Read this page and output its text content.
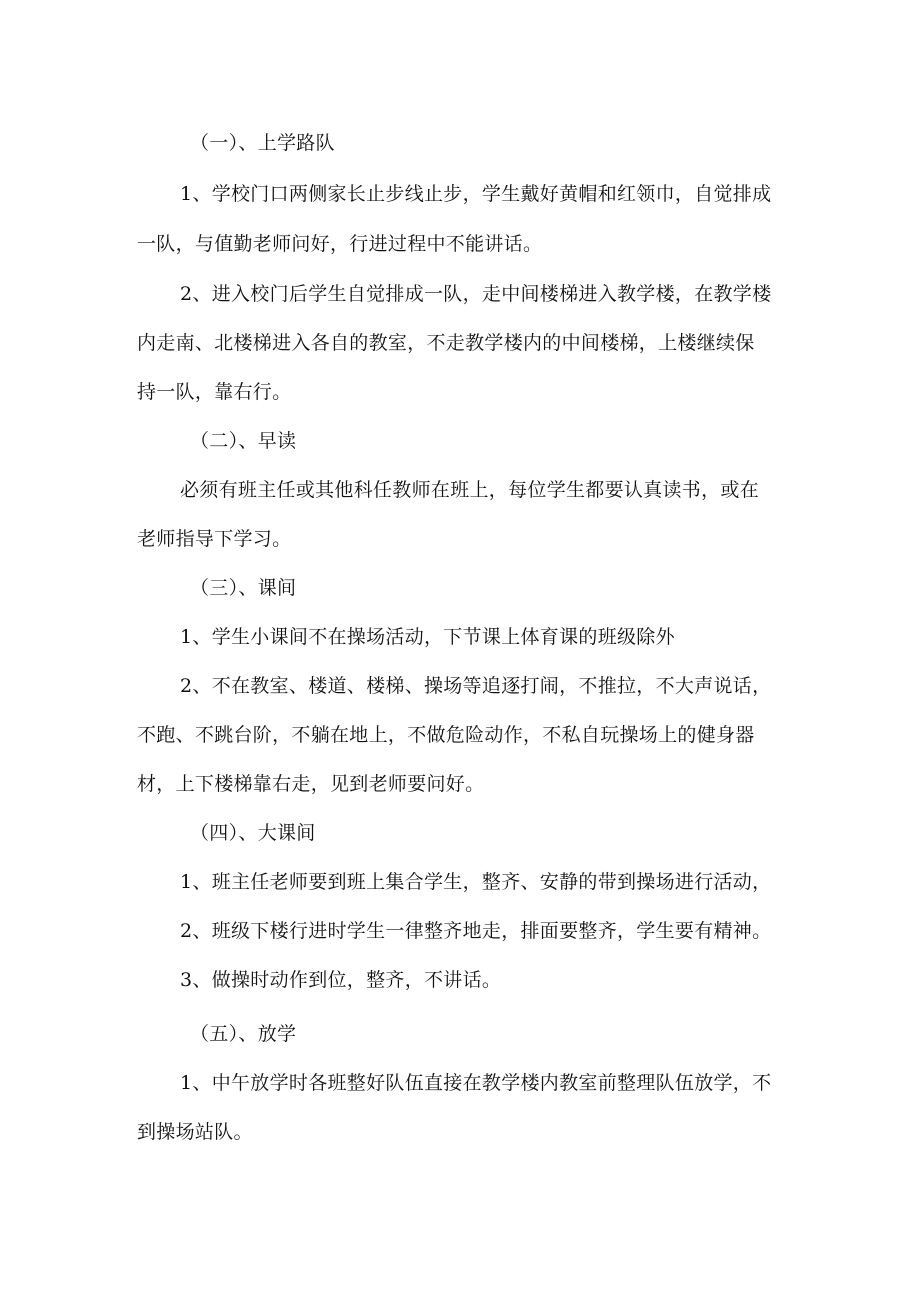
（一）、上学路队
1、学校门口两侧家长止步线止步，学生戴好黄帽和红领巾，自觉排成
一队，与值勤老师问好，行进过程中不能讲话。
2、进入校门后学生自觉排成一队，走中间楼梯进入教学楼，在教学楼
内走南、北楼梯进入各自的教室，不走教学楼内的中间楼梯，上楼继续保
持一队，靠右行。
（二）、早读
必须有班主任或其他科任教师在班上，每位学生都要认真读书，或在
老师指导下学习。
（三）、课间
1、学生小课间不在操场活动，下节课上体育课的班级除外
2、不在教室、楼道、楼梯、操场等追逐打闹，不推拉，不大声说话，
不跑、不跳台阶，不躺在地上，不做危险动作，不私自玩操场上的健身器
材，上下楼梯靠右走，见到老师要问好。
（四）、大课间
1、班主任老师要到班上集合学生，整齐、安静的带到操场进行活动，
2、班级下楼行进时学生一律整齐地走，排面要整齐，学生要有精神。
3、做操时动作到位，整齐，不讲话。
（五）、放学
1、中午放学时各班整好队伍直接在教学楼内教室前整理队伍放学，不
到操场站队。
